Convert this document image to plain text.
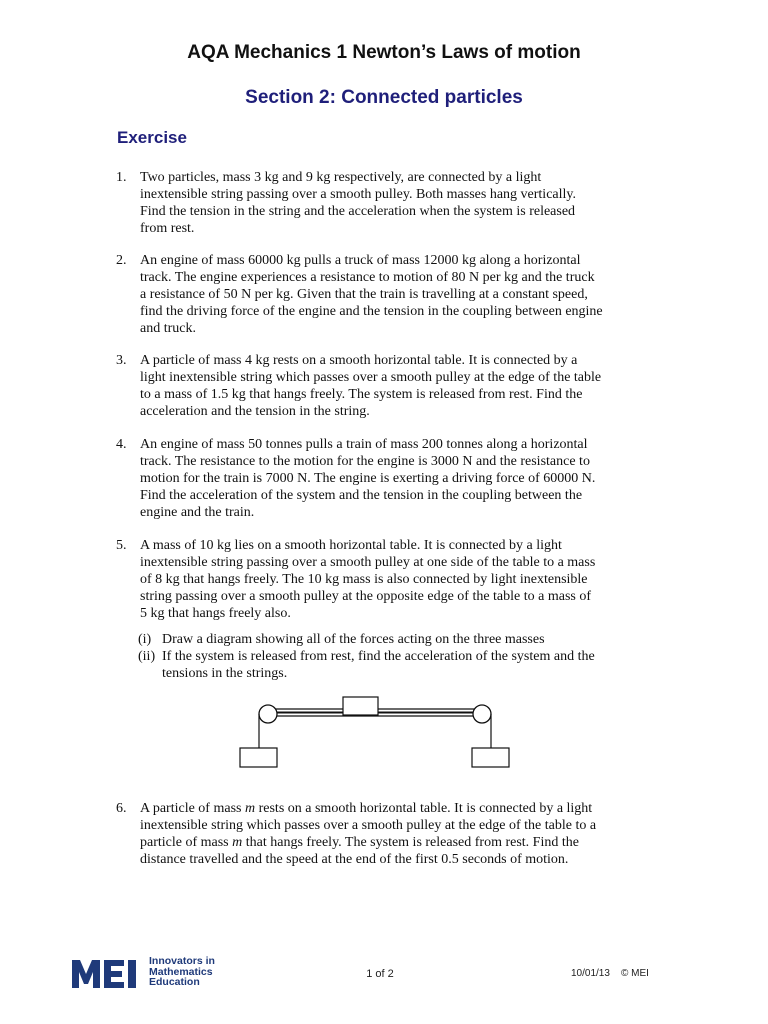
AQA Mechanics 1 Newton’s Laws of motion
Section 2: Connected particles
Exercise
1. Two particles, mass 3 kg and 9 kg respectively, are connected by a light
inextensible string passing over a smooth pulley. Both masses hang vertically.
Find the tension in the string and the acceleration when the system is released
from rest.
2. An engine of mass 60000 kg pulls a truck of mass 12000 kg along a horizontal
track. The engine experiences a resistance to motion of 80 N per kg and the truck
a resistance of 50 N per kg. Given that the train is travelling at a constant speed,
find the driving force of the engine and the tension in the coupling between engine
and truck.
3. A particle of mass 4 kg rests on a smooth horizontal table. It is connected by a
light inextensible string which passes over a smooth pulley at the edge of the table
to a mass of 1.5 kg that hangs freely. The system is released from rest. Find the
acceleration and the tension in the string.
4. An engine of mass 50 tonnes pulls a train of mass 200 tonnes along a horizontal
track. The resistance to the motion for the engine is 3000 N and the resistance to
motion for the train is 7000 N. The engine is exerting a driving force of 60000 N.
Find the acceleration of the system and the tension in the coupling between the
engine and the train.
5. A mass of 10 kg lies on a smooth horizontal table. It is connected by a light
inextensible string passing over a smooth pulley at one side of the table to a mass
of 8 kg that hangs freely. The 10 kg mass is also connected by light inextensible
string passing over a smooth pulley at the opposite edge of the table to a mass of
5 kg that hangs freely also.
(i) Draw a diagram showing all of the forces acting on the three masses
(ii) If the system is released from rest, find the acceleration of the system and the
tensions in the strings.
6. A particle of mass m rests on a smooth horizontal table. It is connected by a light
inextensible string which passes over a smooth pulley at the edge of the table to a
particle of mass m that hangs freely. The system is released from rest. Find the
distance travelled and the speed at the end of the first 0.5 seconds of motion.
Innovators in
Mathematics
Education
1 of 2	10/01/13 © MEI
